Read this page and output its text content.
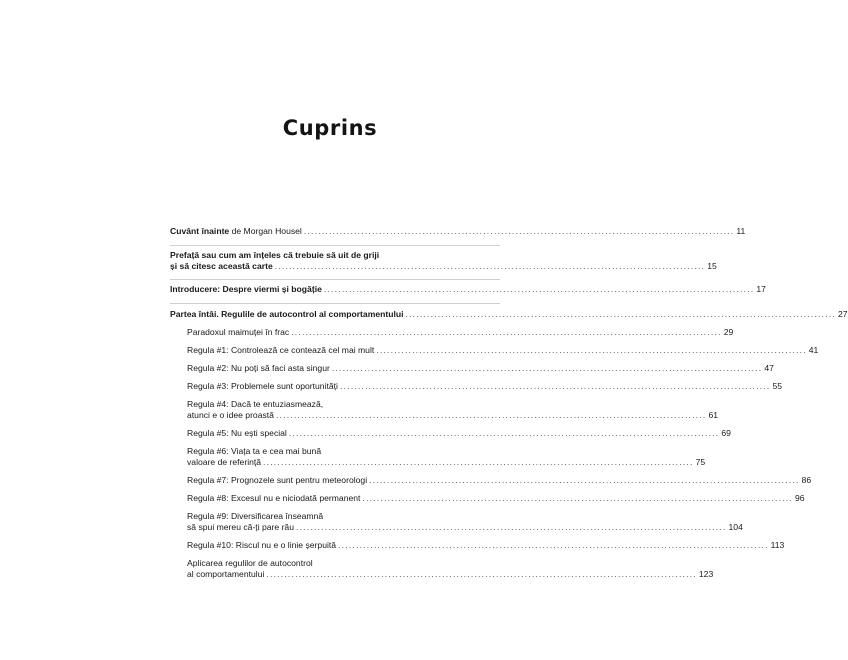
Cuprins
Cuvânt înainte de Morgan Housel ........................................................................................................................ 11
Prefață sau cum am înțeles că trebuie să uit de griji
și să citesc această carte ........................................................................................................................ 15
Introducere: Despre viermi și bogăție ........................................................................................................................ 17
Partea întâi. Regulile de autocontrol al comportamentului ........................................................................................................................ 27
Paradoxul maimuței în frac ........................................................................................................................ 29
Regula #1: Controlează ce contează cel mai mult ........................................................................................................................ 41
Regula #2: Nu poți să faci asta singur ........................................................................................................................ 47
Regula #3: Problemele sunt oportunități ........................................................................................................................ 55
Regula #4: Dacă te entuziasmează,
atunci e o idee proastă ........................................................................................................................ 61
Regula #5: Nu ești special ........................................................................................................................ 69
Regula #6: Viața ta e cea mai bună
valoare de referință ........................................................................................................................ 75
Regula #7: Prognozele sunt pentru meteorologi ........................................................................................................................ 86
Regula #8: Excesul nu e niciodată permanent ........................................................................................................................ 96
Regula #9: Diversificarea înseamnă
să spui mereu că-ți pare rău ........................................................................................................................ 104
Regula #10: Riscul nu e o linie șerpuită ........................................................................................................................ 113
Aplicarea regulilor de autocontrol
al comportamentului ........................................................................................................................ 123
